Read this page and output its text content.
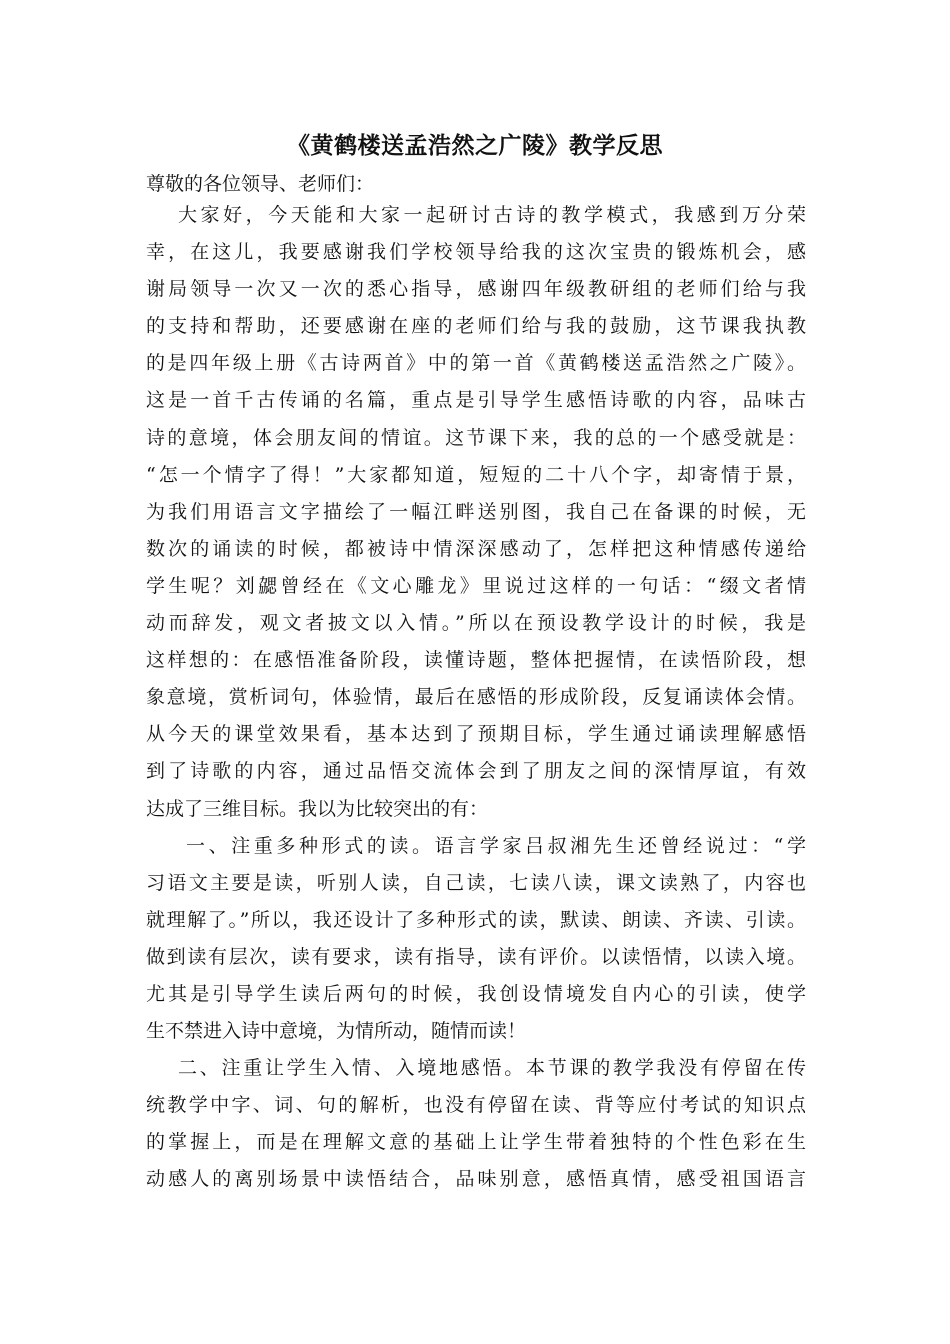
《黄鹤楼送孟浩然之广陵》教学反思
尊敬的各位领导、老师们：
大家好，今天能和大家一起研讨古诗的教学模式，我感到万分荣
幸，在这儿，我要感谢我们学校领导给我的这次宝贵的锻炼机会，感
谢局领导一次又一次的悉心指导，感谢四年级教研组的老师们给与我
的支持和帮助，还要感谢在座的老师们给与我的鼓励，这节课我执教
的是四年级上册《古诗两首》中的第一首《黄鹤楼送孟浩然之广陵》。
这是一首千古传诵的名篇，重点是引导学生感悟诗歌的内容，品味古
诗的意境，体会朋友间的情谊。这节课下来，我的总的一个感受就是：
“怎一个情字了得！”大家都知道，短短的二十八个字，却寄情于景，
为我们用语言文字描绘了一幅江畔送别图，我自己在备课的时候，无
数次的诵读的时候，都被诗中情深深感动了，怎样把这种情感传递给
学生呢？刘勰曾经在《文心雕龙》里说过这样的一句话：“缀文者情
动而辞发，观文者披文以入情。”所以在预设教学设计的时候，我是
这样想的：在感悟准备阶段，读懂诗题，整体把握情，在读悟阶段，想
象意境，赏析词句，体验情，最后在感悟的形成阶段，反复诵读体会情。
从今天的课堂效果看，基本达到了预期目标，学生通过诵读理解感悟
到了诗歌的内容，通过品悟交流体会到了朋友之间的深情厚谊，有效
达成了三维目标。我以为比较突出的有：
一、注重多种形式的读。语言学家吕叔湘先生还曾经说过：“学
习语文主要是读，听别人读，自己读，七读八读，课文读熟了，内容也
就理解了。”所以，我还设计了多种形式的读，默读、朗读、齐读、引读。
做到读有层次，读有要求，读有指导，读有评价。以读悟情，以读入境。
尤其是引导学生读后两句的时候，我创设情境发自内心的引读，使学
生不禁进入诗中意境，为情所动，随情而读！
二、注重让学生入情、入境地感悟。本节课的教学我没有停留在传
统教学中字、词、句的解析，也没有停留在读、背等应付考试的知识点
的掌握上，而是在理解文意的基础上让学生带着独特的个性色彩在生
动感人的离别场景中读悟结合，品味别意，感悟真情，感受祖国语言
